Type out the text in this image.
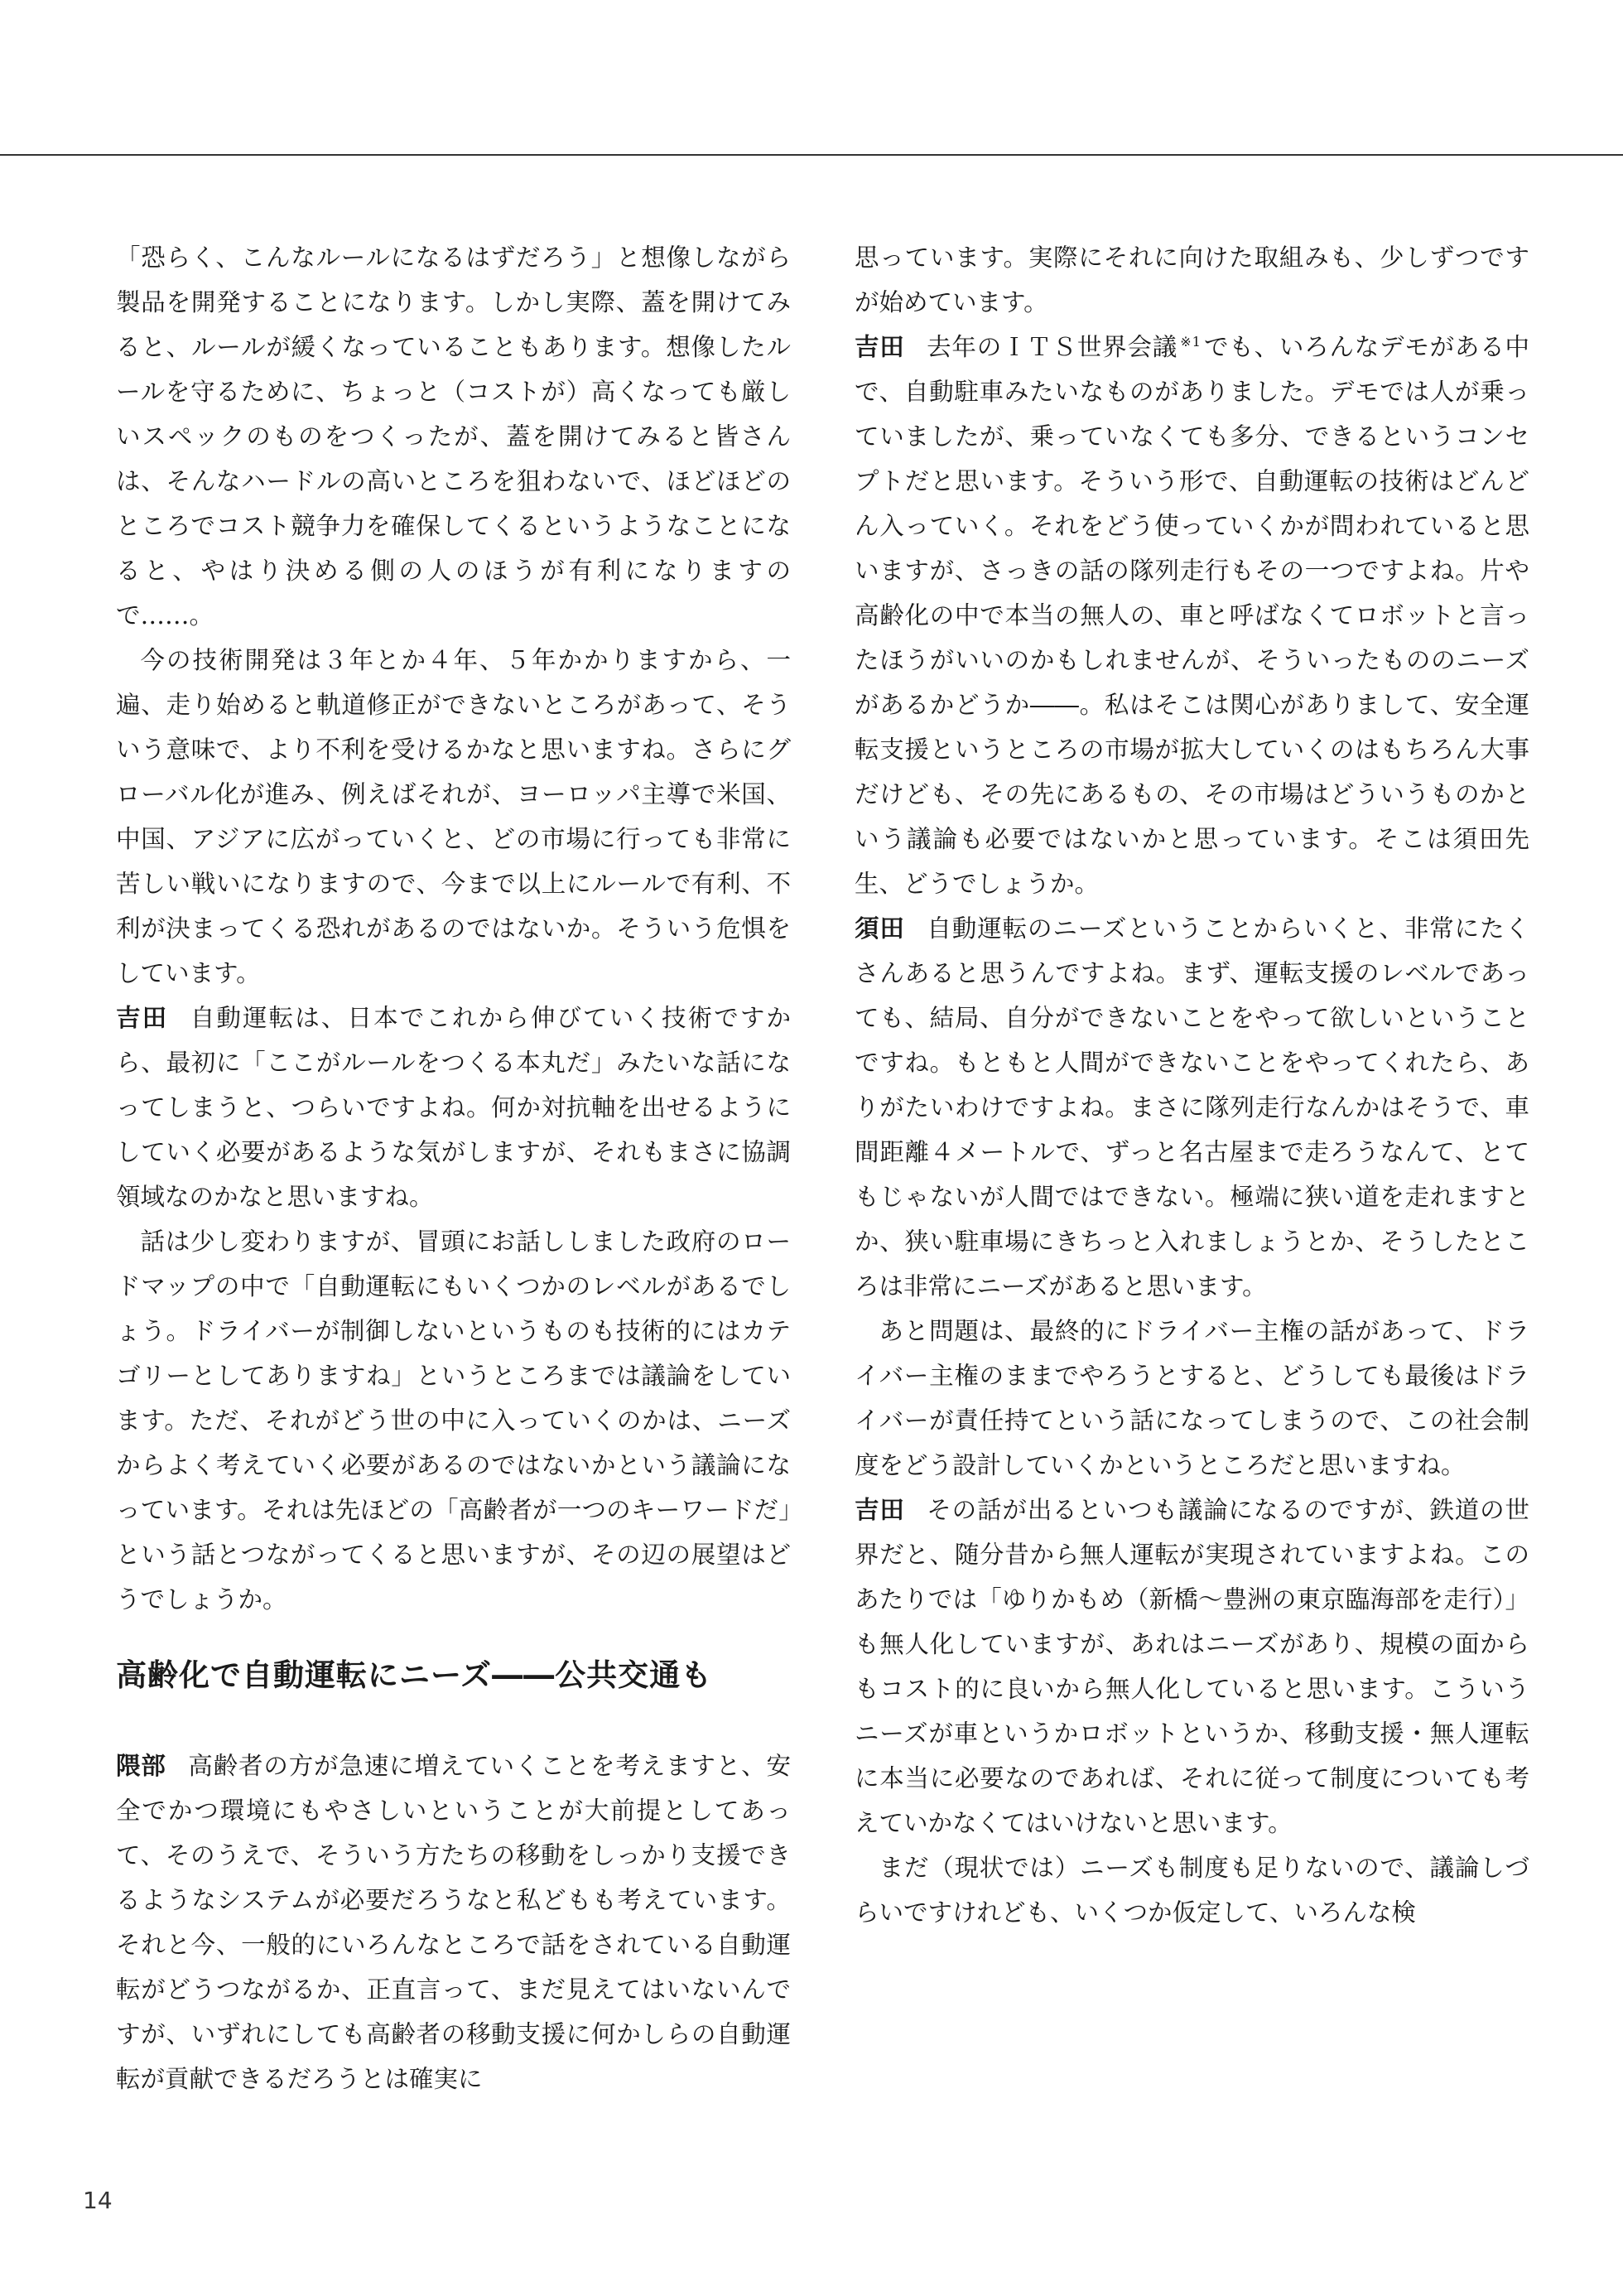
「恐らく、こんなルールになるはずだろう」と想像しながら製品を開発することになります。しかし実際、蓋を開けてみると、ルールが緩くなっていることもあります。想像したルールを守るために、ちょっと（コストが）高くなっても厳しいスペックのものをつくったが、蓋を開けてみると皆さんは、そんなハードルの高いところを狙わないで、ほどほどのところでコスト競争力を確保してくるというようなことになると、やはり決める側の人のほうが有利になりますので……。

今の技術開発は３年とか４年、５年かかりますから、一遍、走り始めると軌道修正ができないところがあって、そういう意味で、より不利を受けるかなと思いますね。さらにグローバル化が進み、例えばそれが、ヨーロッパ主導で米国、中国、アジアに広がっていくと、どの市場に行っても非常に苦しい戦いになりますので、今まで以上にルールで有利、不利が決まってくる恐れがあるのではないか。そういう危惧をしています。

吉田 自動運転は、日本でこれから伸びていく技術ですから、最初に「ここがルールをつくる本丸だ」みたいな話になってしまうと、つらいですよね。何か対抗軸を出せるようにしていく必要があるような気がしますが、それもまさに協調領域なのかなと思いますね。

話は少し変わりますが、冒頭にお話ししました政府のロードマップの中で「自動運転にもいくつかのレベルがあるでしょう。ドライバーが制御しないというものも技術的にはカテゴリーとしてありますね」というところまでは議論をしています。ただ、それがどう世の中に入っていくのかは、ニーズからよく考えていく必要があるのではないかという議論になっています。それは先ほどの「高齢者が一つのキーワードだ」という話とつながってくると思いますが、その辺の展望はどうでしょうか。

高齢化で自動運転にニーズ――公共交通も

隈部 高齢者の方が急速に増えていくことを考えますと、安全でかつ環境にもやさしいということが大前提としてあって、そのうえで、そういう方たちの移動をしっかり支援できるようなシステムが必要だろうなと私どもも考えています。それと今、一般的にいろんなところで話をされている自動運転がどうつながるか、正直言って、まだ見えてはいないんですが、いずれにしても高齢者の移動支援に何かしらの自動運転が貢献できるだろうとは確実に

思っています。実際にそれに向けた取組みも、少しずつですが始めています。

吉田 去年のＩＴＳ世界会議 $^{※1}$ でも、いろんなデモがある中で、自動駐車みたいなものがありました。デモでは人が乗っていましたが、乗っていなくても多分、できるというコンセプトだと思います。そういう形で、自動運転の技術はどんどん入っていく。それをどう使っていくかが問われていると思いますが、さっきの話の隊列走行もその一つですよね。片や高齢化の中で本当の無人の、車と呼ばなくてロボットと言ったほうがいいのかもしれませんが、そういったもののニーズがあるかどうか――。私はそこは関心がありまして、安全運転支援というところの市場が拡大していくのはもちろん大事だけども、その先にあるもの、その市場はどういうものかという議論も必要ではないかと思っています。そこは須田先生、どうでしょうか。

須田 自動運転のニーズということからいくと、非常にたくさんあると思うんですよね。まず、運転支援のレベルであっても、結局、自分ができないことをやって欲しいということですね。もともと人間ができないことをやってくれたら、ありがたいわけですよね。まさに隊列走行なんかはそうで、車間距離４メートルで、ずっと名古屋まで走ろうなんて、とてもじゃないが人間ではできない。極端に狭い道を走れますとか、狭い駐車場にきちっと入れましょうとか、そうしたところは非常にニーズがあると思います。

あと問題は、最終的にドライバー主権の話があって、ドライバー主権のままでやろうとすると、どうしても最後はドライバーが責任持てという話になってしまうので、この社会制度をどう設計していくかというところだと思いますね。

吉田 その話が出るといつも議論になるのですが、鉄道の世界だと、随分昔から無人運転が実現されていますよね。このあたりでは「ゆりかもめ（新橋～豊洲の東京臨海部を走行）」も無人化していますが、あれはニーズがあり、規模の面からもコスト的に良いから無人化していると思います。こういうニーズが車というかロボットというか、移動支援・無人運転に本当に必要なのであれば、それに従って制度についても考えていかなくてはいけないと思います。

まだ（現状では）ニーズも制度も足りないので、議論しづらいですけれども、いくつか仮定して、いろんな検

14
